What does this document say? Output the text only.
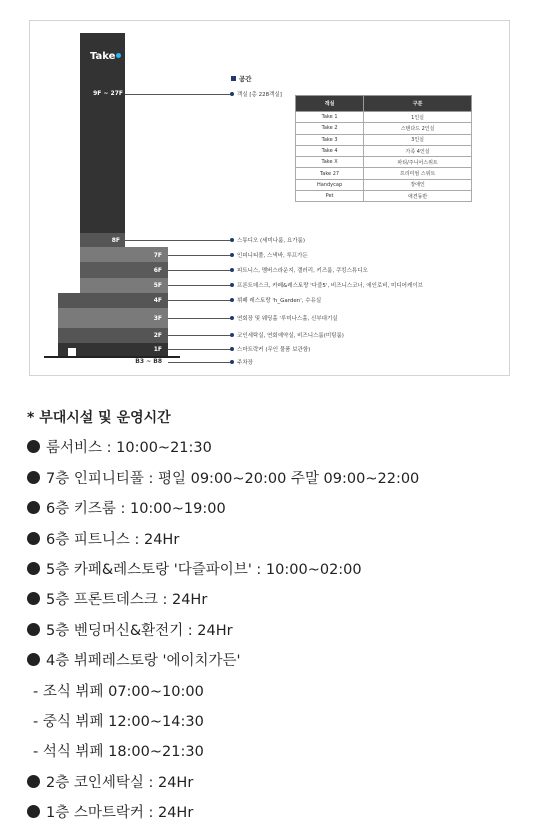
Take
9F ~ 27F
8F
7F
6F
5F
4F
3F
2F
1F
B3 ~ B8
객실 [총 228객실]
스튜디오 (세미나룸, 요가룸)
인피니티풀, 스낵바, 루프가든
피트니스, 멤버스라운지, 갤러리, 키즈룸, 쿠킹스튜디오
프론트데스크, 카페&레스토랑 '다즐5', 비즈니스코너, 에인로비, 미디어케이브
뷔페 레스토랑 'h_Garden', 수유실
연회장 및 웨딩홀 '루미나스홀, 신부대기실
코인세탁실, 연회예약실, 비즈니스룸(미팅룸)
스마트락커 (무인 물품 보관함)
주차장
공간
객실	구분
Take 1	1인실
Take 2	스탠다드 2인실
Take 3	3인실
Take 4	가족 4인실
Take X	파티/주니어스위트
Take 27	프리미엄 스위트
Handycap	장애인
Pet	애견동반
* 부대시설 및 운영시간
룸서비스 : 10:00~21:30
7층 인피니티풀 : 평일 09:00~20:00 주말 09:00~22:00
6층 키즈룸 : 10:00~19:00
6층 피트니스 : 24Hr
5층 카페&레스토랑 '다즐파이브' : 10:00~02:00
5층 프론트데스크 : 24Hr
5층 벤딩머신&환전기 : 24Hr
4층 뷔페레스토랑 '에이치가든'
- 조식 뷔페 07:00~10:00
- 중식 뷔페 12:00~14:30
- 석식 뷔페 18:00~21:30
2층 코인세탁실 : 24Hr
1층 스마트락커 : 24Hr
